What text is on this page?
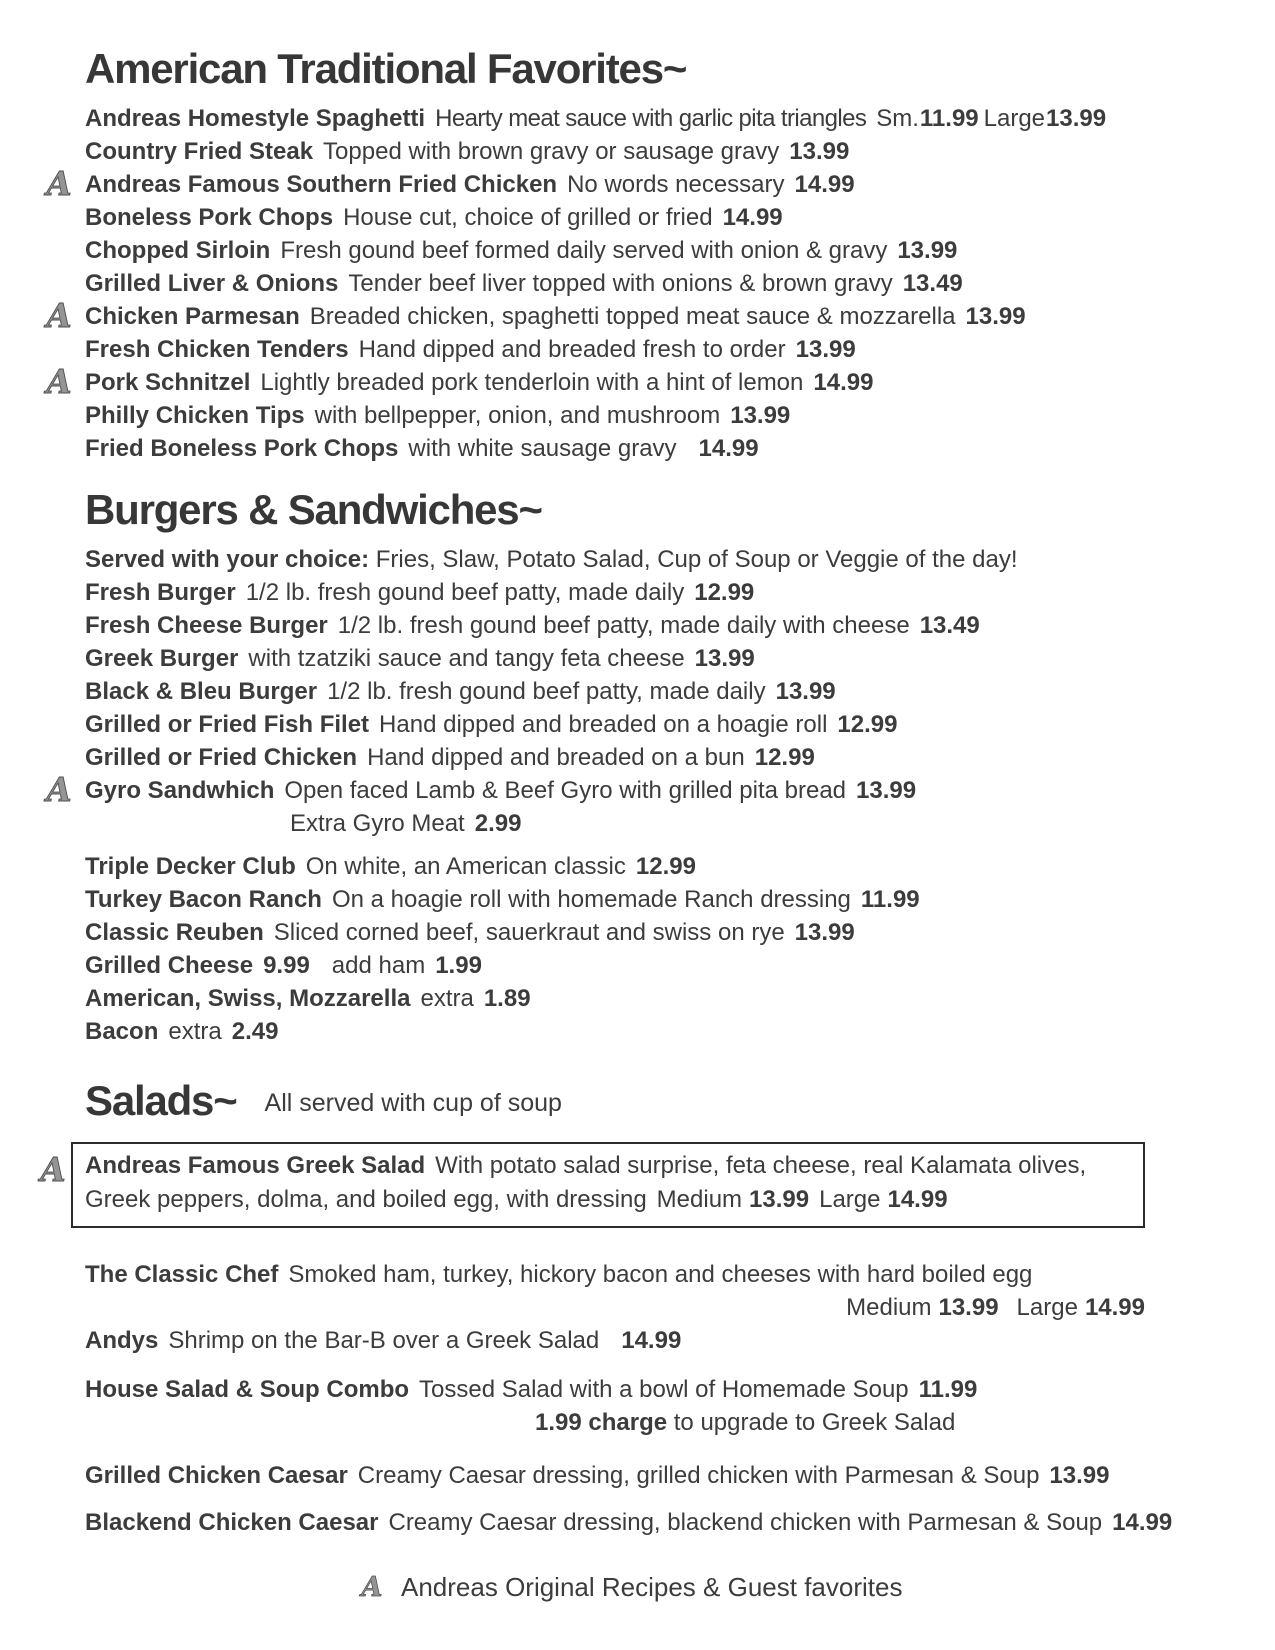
American Traditional Favorites~
Andreas Homestyle Spaghetti Hearty meat sauce with garlic pita triangles Sm.11.99 Large13.99
Country Fried Steak Topped with brown gravy or sausage gravy 13.99
A Andreas Famous Southern Fried Chicken No words necessary 14.99
Boneless Pork Chops House cut, choice of grilled or fried 14.99
Chopped Sirloin Fresh gound beef formed daily served with onion & gravy 13.99
Grilled Liver & Onions Tender beef liver topped with onions & brown gravy 13.49
A Chicken Parmesan Breaded chicken, spaghetti topped meat sauce & mozzarella 13.99
Fresh Chicken Tenders Hand dipped and breaded fresh to order 13.99
A Pork Schnitzel Lightly breaded pork tenderloin with a hint of lemon 14.99
Philly Chicken Tips with bellpepper, onion, and mushroom 13.99
Fried Boneless Pork Chops with white sausage gravy 14.99
Burgers & Sandwiches~
Served with your choice: Fries, Slaw, Potato Salad, Cup of Soup or Veggie of the day!
Fresh Burger 1/2 lb. fresh gound beef patty, made daily 12.99
Fresh Cheese Burger 1/2 lb. fresh gound beef patty, made daily with cheese 13.49
Greek Burger with tzatziki sauce and tangy feta cheese 13.99
Black & Bleu Burger 1/2 lb. fresh gound beef patty, made daily 13.99
Grilled or Fried Fish Filet Hand dipped and breaded on a hoagie roll 12.99
Grilled or Fried Chicken Hand dipped and breaded on a bun 12.99
A Gyro Sandwhich Open faced Lamb & Beef Gyro with grilled pita bread 13.99
Extra Gyro Meat 2.99
Triple Decker Club On white, an American classic 12.99
Turkey Bacon Ranch On a hoagie roll with homemade Ranch dressing 11.99
Classic Reuben Sliced corned beef, sauerkraut and swiss on rye 13.99
Grilled Cheese 9.99 add ham 1.99
American, Swiss, Mozzarella extra 1.89
Bacon extra 2.49
Salads~ All served with cup of soup
A Andreas Famous Greek Salad With potato salad surprise, feta cheese, real Kalamata olives, Greek peppers, dolma, and boiled egg, with dressing Medium 13.99 Large 14.99
The Classic Chef Smoked ham, turkey, hickory bacon and cheeses with hard boiled egg
Medium 13.99 Large 14.99
Andys Shrimp on the Bar-B over a Greek Salad 14.99
House Salad & Soup Combo Tossed Salad with a bowl of Homemade Soup 11.99
1.99 charge to upgrade to Greek Salad
Grilled Chicken Caesar Creamy Caesar dressing, grilled chicken with Parmesan & Soup 13.99
Blackend Chicken Caesar Creamy Caesar dressing, blackend chicken with Parmesan & Soup 14.99
A Andreas Original Recipes & Guest favorites
